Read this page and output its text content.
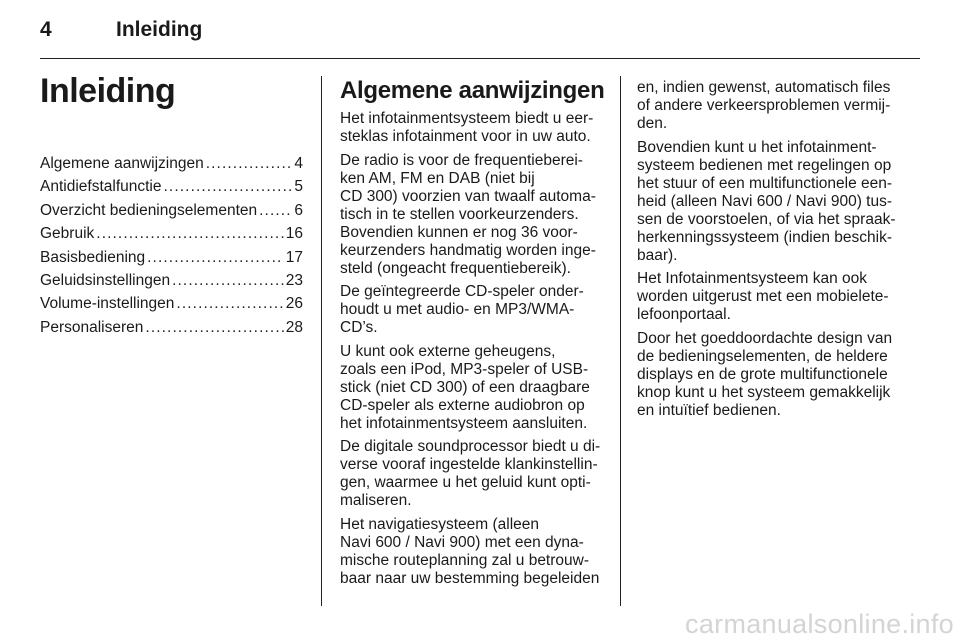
4	Inleiding
Inleiding
Algemene aanwijzingen . . .	4
Antidiefstalfunctie . . .	5
Overzicht bedieningselementen . . . 6
Gebruik . . .	16
Basisbediening . . .	17
Geluidsinstellingen . . .	23
Volume-instellingen . . .	26
Personaliseren . . .	28
Algemene aanwijzingen

Het infotainmentsysteem biedt u eer-
steklas infotainment voor in uw auto.

De radio is voor de frequentieberei-
ken AM, FM en DAB (niet bij
CD 300) voorzien van twaalf automa-
tisch in te stellen voorkeurzenders.
Bovendien kunnen er nog 36 voor-
keurzenders handmatig worden inge-
steld (ongeacht frequentiebereik).

De geïntegreerde CD-speler onder-
houdt u met audio- en MP3/WMA-
CD’s.

U kunt ook externe geheugens,
zoals een iPod, MP3-speler of USB-
stick (niet CD 300) of een draagbare
CD-speler als externe audiobron op
het infotainmentsysteem aansluiten.

De digitale soundprocessor biedt u di-
verse vooraf ingestelde klankinstellin-
gen, waarmee u het geluid kunt opti-
maliseren.

Het navigatiesysteem (alleen
Navi 600 / Navi 900) met een dyna-
mische routeplanning zal u betrouw-
baar naar uw bestemming begeleiden

en, indien gewenst, automatisch files
of andere verkeersproblemen vermij-
den.

Bovendien kunt u het infotainment-
systeem bedienen met regelingen op
het stuur of een multifunctionele een-
heid (alleen Navi 600 / Navi 900) tus-
sen de voorstoelen, of via het spraak-
herkenningssysteem (indien beschik-
baar).

Het Infotainmentsysteem kan ook
worden uitgerust met een mobielete-
lefoonportaal.

Door het goeddoordachte design van
de bedieningselementen, de heldere
displays en de grote multifunctionele
knop kunt u het systeem gemakkelijk
en intuïtief bedienen.

carmanualsonline.info
